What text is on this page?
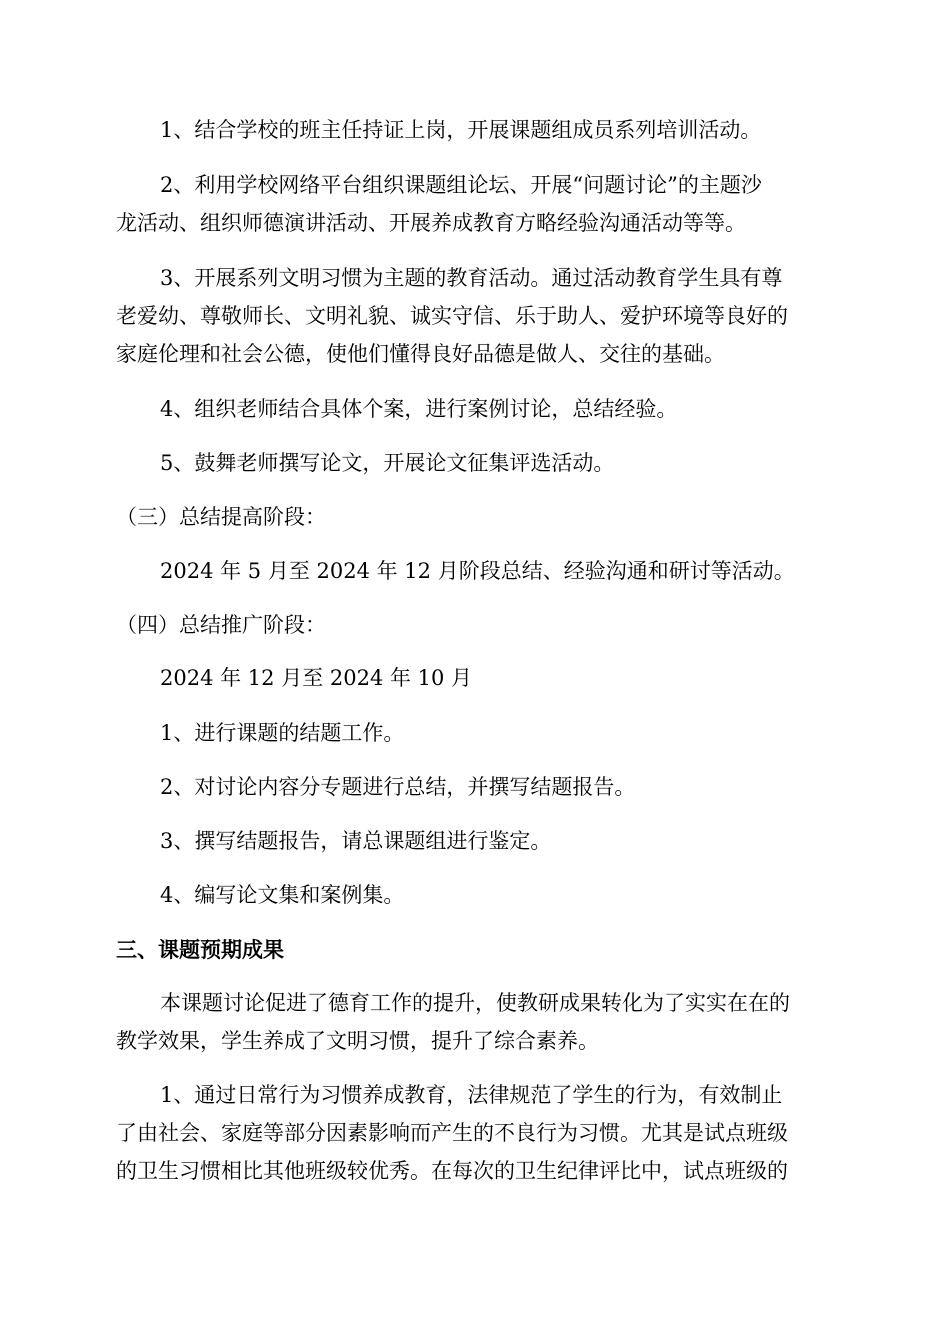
1、结合学校的班主任持证上岗，开展课题组成员系列培训活动。
2、利用学校网络平台组织课题组论坛、开展“问题讨论”的主题沙
龙活动、组织师德演讲活动、开展养成教育方略经验沟通活动等等。
3、开展系列文明习惯为主题的教育活动。通过活动教育学生具有尊
老爱幼、尊敬师长、文明礼貌、诚实守信、乐于助人、爱护环境等良好的
家庭伦理和社会公德，使他们懂得良好品德是做人、交往的基础。
4、组织老师结合具体个案，进行案例讨论，总结经验。
5、鼓舞老师撰写论文，开展论文征集评选活动。
（三）总结提高阶段：
2024 年 5 月至 2024 年 12 月阶段总结、经验沟通和研讨等活动。
（四）总结推广阶段：
2024 年 12 月至 2024 年 10 月
1、进行课题的结题工作。
2、对讨论内容分专题进行总结，并撰写结题报告。
3、撰写结题报告，请总课题组进行鉴定。
4、编写论文集和案例集。
三、课题预期成果
本课题讨论促进了德育工作的提升，使教研成果转化为了实实在在的
教学效果，学生养成了文明习惯，提升了综合素养。
1、通过日常行为习惯养成教育，法律规范了学生的行为，有效制止
了由社会、家庭等部分因素影响而产生的不良行为习惯。尤其是试点班级
的卫生习惯相比其他班级较优秀。在每次的卫生纪律评比中，试点班级的
